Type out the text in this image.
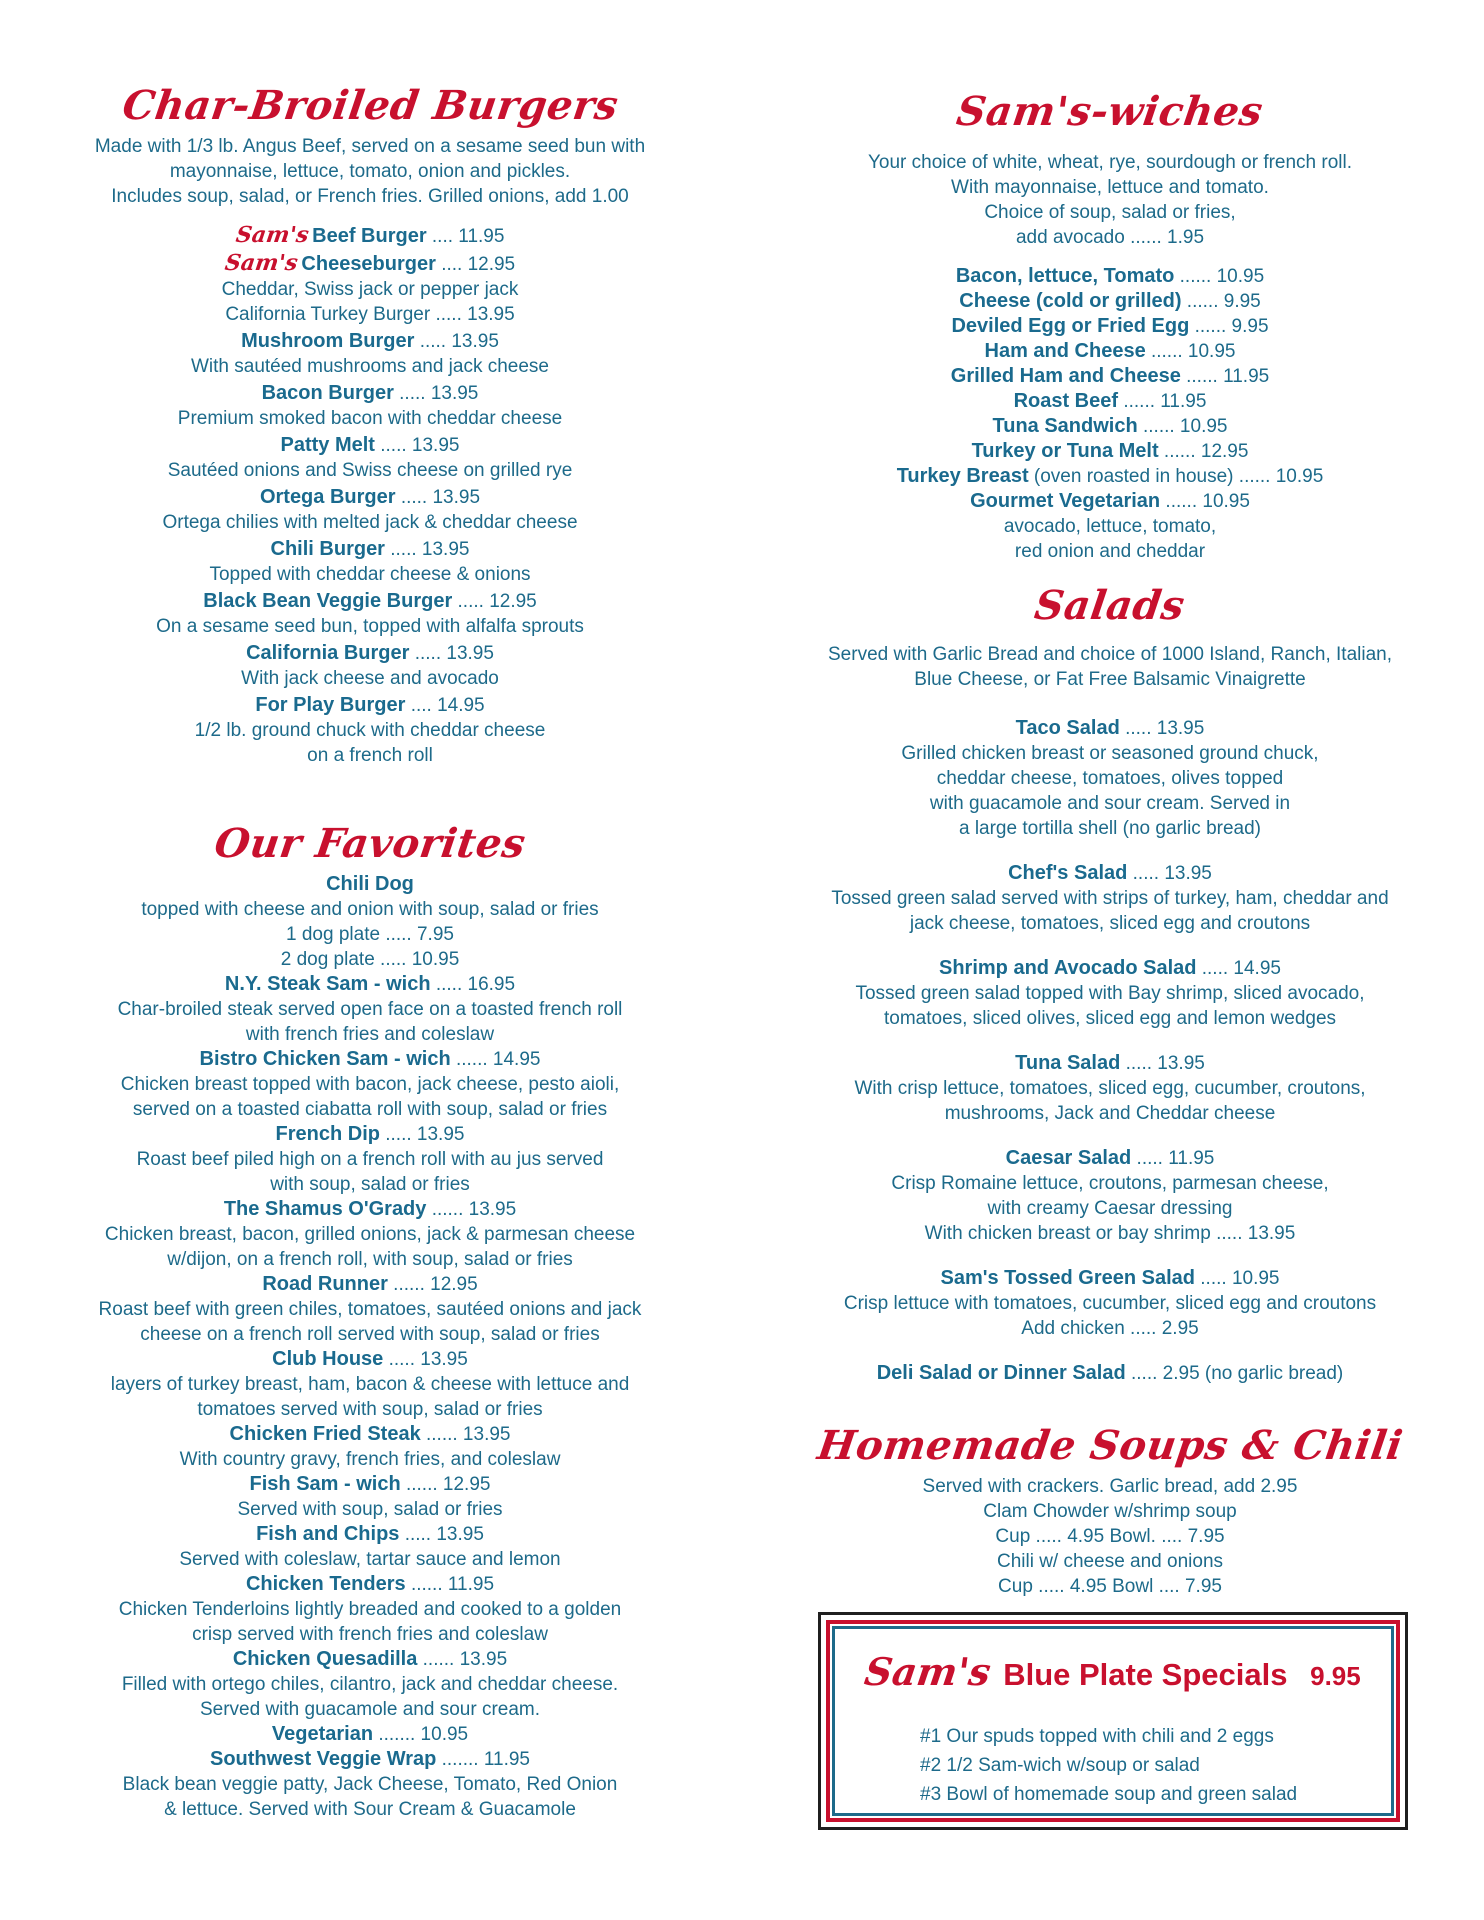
Char-Broiled Burgers
Made with 1/3 lb. Angus Beef, served on a sesame seed bun with
mayonnaise, lettuce, tomato, onion and pickles.
Includes soup, salad, or French fries. Grilled onions, add 1.00
Sam's Beef Burger .... 11.95
Sam's Cheeseburger .... 12.95
Cheddar, Swiss jack or pepper jack
California Turkey Burger ..... 13.95
Mushroom Burger ..... 13.95
With sautéed mushrooms and jack cheese
Bacon Burger ..... 13.95
Premium smoked bacon with cheddar cheese
Patty Melt ..... 13.95
Sautéed onions and Swiss cheese on grilled rye
Ortega Burger ..... 13.95
Ortega chilies with melted jack & cheddar cheese
Chili Burger ..... 13.95
Topped with cheddar cheese & onions
Black Bean Veggie Burger ..... 12.95
On a sesame seed bun, topped with alfalfa sprouts
California Burger ..... 13.95
With jack cheese and avocado
For Play Burger .... 14.95
1/2 lb. ground chuck with cheddar cheese
on a french roll
Our Favorites
Chili Dog
topped with cheese and onion with soup, salad or fries
1 dog plate ..... 7.95
2 dog plate ..... 10.95
N.Y. Steak Sam - wich ..... 16.95
Char-broiled steak served open face on a toasted french roll
with french fries and coleslaw
Bistro Chicken Sam - wich ...... 14.95
Chicken breast topped with bacon, jack cheese, pesto aioli,
served on a toasted ciabatta roll with soup, salad or fries
French Dip ..... 13.95
Roast beef piled high on a french roll with au jus served
with soup, salad or fries
The Shamus O'Grady ...... 13.95
Chicken breast, bacon, grilled onions, jack & parmesan cheese
w/dijon, on a french roll, with soup, salad or fries
Road Runner ...... 12.95
Roast beef with green chiles, tomatoes, sautéed onions and jack
cheese on a french roll served with soup, salad or fries
Club House ..... 13.95
layers of turkey breast, ham, bacon & cheese with lettuce and
tomatoes served with soup, salad or fries
Chicken Fried Steak ...... 13.95
With country gravy, french fries, and coleslaw
Fish Sam - wich ...... 12.95
Served with soup, salad or fries
Fish and Chips ..... 13.95
Served with coleslaw, tartar sauce and lemon
Chicken Tenders ...... 11.95
Chicken Tenderloins lightly breaded and cooked to a golden
crisp served with french fries and coleslaw
Chicken Quesadilla ...... 13.95
Filled with ortego chiles, cilantro, jack and cheddar cheese.
Served with guacamole and sour cream.
Vegetarian ....... 10.95
Southwest Veggie Wrap ....... 11.95
Black bean veggie patty, Jack Cheese, Tomato, Red Onion
& lettuce. Served with Sour Cream & Guacamole
Sam's-wiches
Your choice of white, wheat, rye, sourdough or french roll.
With mayonnaise, lettuce and tomato.
Choice of soup, salad or fries,
add avocado ...... 1.95
Bacon, lettuce, Tomato ...... 10.95
Cheese (cold or grilled) ...... 9.95
Deviled Egg or Fried Egg ...... 9.95
Ham and Cheese ...... 10.95
Grilled Ham and Cheese ...... 11.95
Roast Beef ...... 11.95
Tuna Sandwich ...... 10.95
Turkey or Tuna Melt ...... 12.95
Turkey Breast (oven roasted in house) ...... 10.95
Gourmet Vegetarian ...... 10.95
avocado, lettuce, tomato,
red onion and cheddar
Salads
Served with Garlic Bread and choice of 1000 Island, Ranch, Italian,
Blue Cheese, or Fat Free Balsamic Vinaigrette
Taco Salad ..... 13.95
Grilled chicken breast or seasoned ground chuck,
cheddar cheese, tomatoes, olives topped
with guacamole and sour cream. Served in
a large tortilla shell (no garlic bread)
Chef's Salad ..... 13.95
Tossed green salad served with strips of turkey, ham, cheddar and
jack cheese, tomatoes, sliced egg and croutons
Shrimp and Avocado Salad ..... 14.95
Tossed green salad topped with Bay shrimp, sliced avocado,
tomatoes, sliced olives, sliced egg and lemon wedges
Tuna Salad ..... 13.95
With crisp lettuce, tomatoes, sliced egg, cucumber, croutons,
mushrooms, Jack and Cheddar cheese
Caesar Salad ..... 11.95
Crisp Romaine lettuce, croutons, parmesan cheese,
with creamy Caesar dressing
With chicken breast or bay shrimp ..... 13.95
Sam's Tossed Green Salad ..... 10.95
Crisp lettuce with tomatoes, cucumber, sliced egg and croutons
Add chicken ..... 2.95
Deli Salad or Dinner Salad ..... 2.95 (no garlic bread)
Homemade Soups & Chili
Served with crackers. Garlic bread, add 2.95
Clam Chowder w/shrimp soup
Cup ..... 4.95 Bowl. .... 7.95
Chili w/ cheese and onions
Cup ..... 4.95 Bowl .... 7.95
Sam's Blue Plate Specials 9.95
#1 Our spuds topped with chili and 2 eggs
#2 1/2 Sam-wich w/soup or salad
#3 Bowl of homemade soup and green salad
